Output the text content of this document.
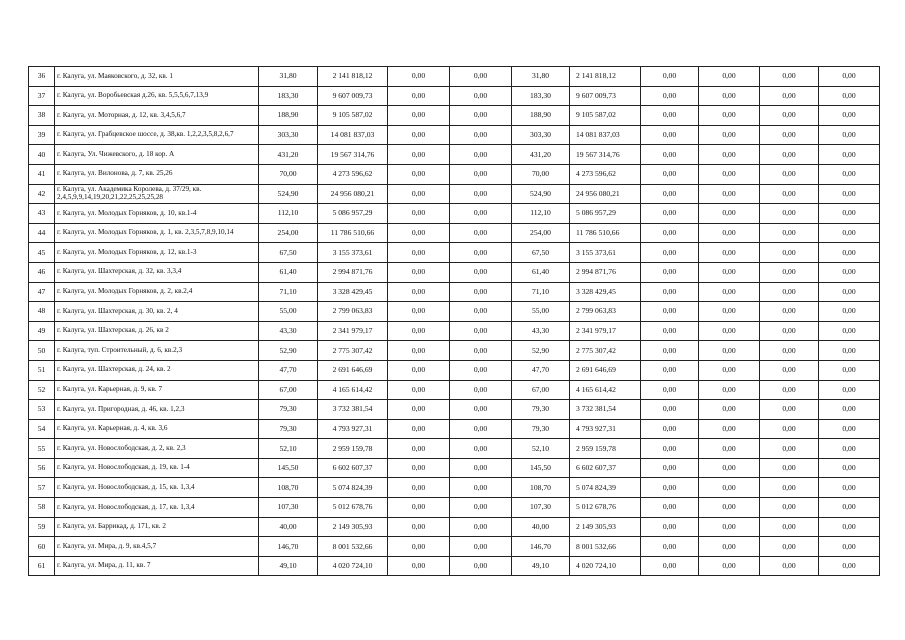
36	г. Калуга, ул. Маяковского, д. 32, кв. 1	31,80	2 141 818,12	0,00	0,00	31,80	2 141 818,12	0,00	0,00	0,00	0,00
37	г. Калуга, ул. Воробьевская д.26, кв. 5,5,5,6,7,13,9	183,30	9 607 009,73	0,00	0,00	183,30	9 607 009,73	0,00	0,00	0,00	0,00
38	г. Калуга, ул. Моторная, д. 12, кв. 3,4,5,6,7	188,90	9 105 587,02	0,00	0,00	188,90	9 105 587,02	0,00	0,00	0,00	0,00
39	г. Калуга, ул. Грабцевское шоссе, д. 38,кв. 1,2,2,3,5,8,2,6,7	303,30	14 081 837,03	0,00	0,00	303,30	14 081 837,03	0,00	0,00	0,00	0,00
40	г. Калуга, Ул. Чижевского, д. 18 кор. А	431,20	19 567 314,76	0,00	0,00	431,20	19 567 314,76	0,00	0,00	0,00	0,00
41	г. Калуга, ул. Вилонова, д. 7, кв. 25,26	70,00	4 273 596,62	0,00	0,00	70,00	4 273 596,62	0,00	0,00	0,00	0,00
42	г. Калуга, ул. Академика Королева, д. 37/29, кв. 2,4,5,9,9,14,19,20,21,22,25,25,25,28	524,90	24 956 080,21	0,00	0,00	524,90	24 956 080,21	0,00	0,00	0,00	0,00
43	г. Калуга, ул. Молодых Горняков, д. 10, кв.1-4	112,10	5 086 957,29	0,00	0,00	112,10	5 086 957,29	0,00	0,00	0,00	0,00
44	г. Калуга, ул. Молодых Горняков, д. 1, кв. 2,3,5,7,8,9,10,14	254,00	11 786 510,66	0,00	0,00	254,00	11 786 510,66	0,00	0,00	0,00	0,00
45	г. Калуга, ул. Молодых Горняков, д. 12, кв.1-3	67,50	3 155 373,61	0,00	0,00	67,50	3 155 373,61	0,00	0,00	0,00	0,00
46	г. Калуга, ул. Шахтерская, д. 32, кв. 3,3,4	61,40	2 994 871,76	0,00	0,00	61,40	2 994 871,76	0,00	0,00	0,00	0,00
47	г. Калуга, ул. Молодых Горняков, д. 2, кв.2,4	71,10	3 328 429,45	0,00	0,00	71,10	3 328 429,45	0,00	0,00	0,00	0,00
48	г. Калуга, ул. Шахтерская, д. 30, кв. 2, 4	55,00	2 799 063,83	0,00	0,00	55,00	2 799 063,83	0,00	0,00	0,00	0,00
49	г. Калуга, ул. Шахтерская, д. 26, кв 2	43,30	2 341 979,17	0,00	0,00	43,30	2 341 979,17	0,00	0,00	0,00	0,00
50	г. Калуга, туп. Строительный, д. 6, кв.2,3	52,90	2 775 307,42	0,00	0,00	52,90	2 775 307,42	0,00	0,00	0,00	0,00
51	г. Калуга, ул. Шахтерская, д. 24, кв. 2	47,70	2 691 646,69	0,00	0,00	47,70	2 691 646,69	0,00	0,00	0,00	0,00
52	г. Калуга, ул. Карьерная, д. 9, кв. 7	67,00	4 165 614,42	0,00	0,00	67,00	4 165 614,42	0,00	0,00	0,00	0,00
53	г. Калуга, ул. Пригородная, д. 46, кв. 1,2,3	79,30	3 732 381,54	0,00	0,00	79,30	3 732 381,54	0,00	0,00	0,00	0,00
54	г. Калуга, ул. Карьерная, д. 4, кв. 3,6	79,30	4 793 927,31	0,00	0,00	79,30	4 793 927,31	0,00	0,00	0,00	0,00
55	г. Калуга, ул. Новослободская, д. 2, кв. 2,3	52,10	2 959 159,78	0,00	0,00	52,10	2 959 159,78	0,00	0,00	0,00	0,00
56	г. Калуга, ул. Новослободская, д. 19, кв. 1-4	145,50	6 602 607,37	0,00	0,00	145,50	6 602 607,37	0,00	0,00	0,00	0,00
57	г. Калуга, ул. Новослободская, д. 15, кв. 1,3,4	108,70	5 074 824,39	0,00	0,00	108,70	5 074 824,39	0,00	0,00	0,00	0,00
58	г. Калуга, ул. Новослободская, д. 17, кв. 1,3,4	107,30	5 012 678,76	0,00	0,00	107,30	5 012 678,76	0,00	0,00	0,00	0,00
59	г. Калуга, ул. Баррикад, д. 171, кв. 2	40,00	2 149 305,93	0,00	0,00	40,00	2 149 305,93	0,00	0,00	0,00	0,00
60	г. Калуга, ул. Мира, д. 9, кв.4,5,7	146,70	8 001 532,66	0,00	0,00	146,70	8 001 532,66	0,00	0,00	0,00	0,00
61	г. Калуга, ул. Мира, д. 11, кв. 7	49,10	4 020 724,10	0,00	0,00	49,10	4 020 724,10	0,00	0,00	0,00	0,00
